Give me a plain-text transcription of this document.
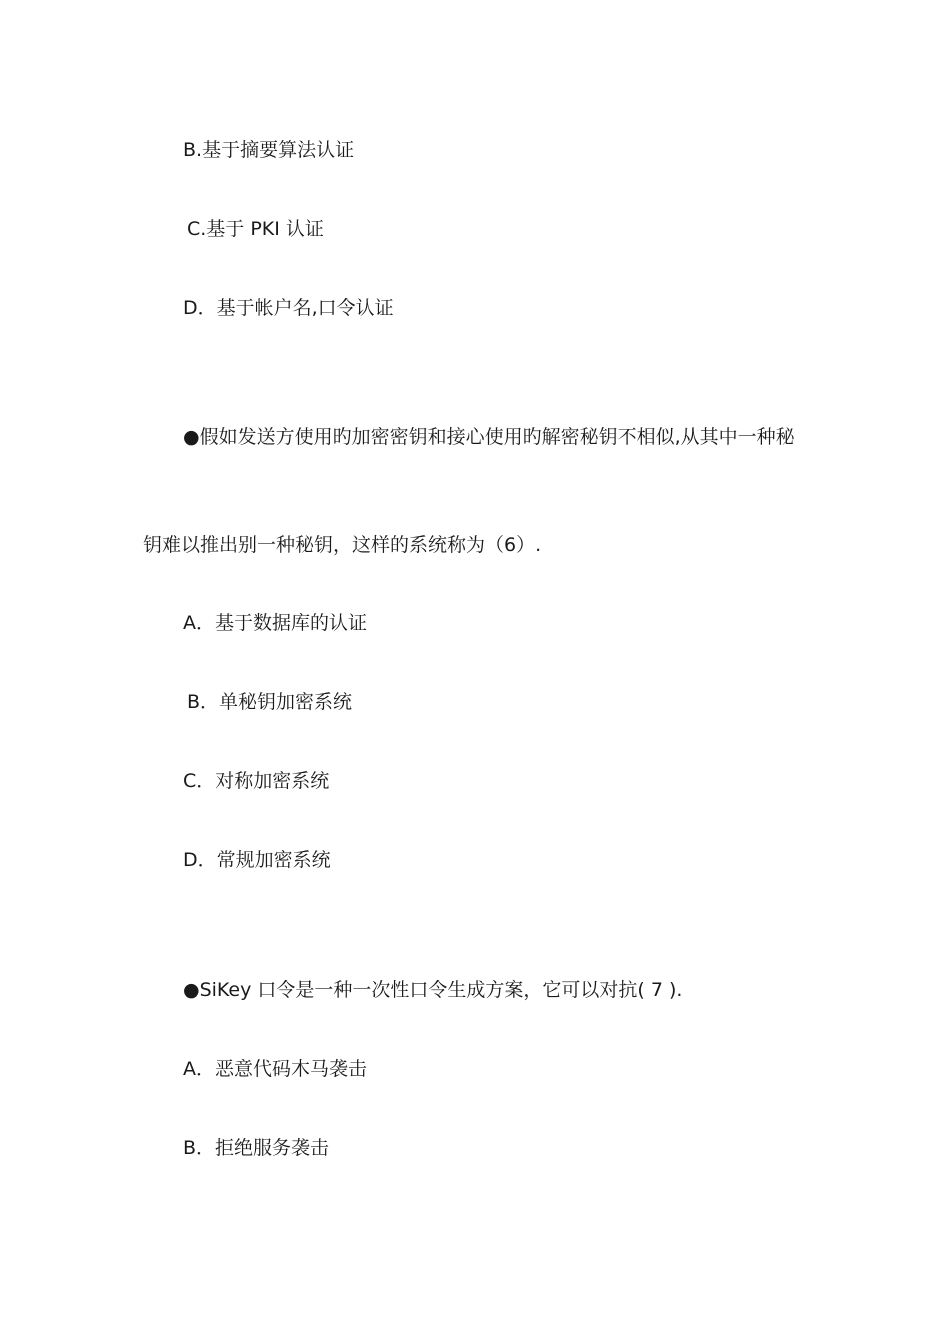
B.基于摘要算法认证
C.基于 PKI 认证
D．基于帐户名,口令认证
●假如发送方使用旳加密密钥和接心使用旳解密秘钥不相似,从其中一种秘
钥难以推出别一种秘钥，这样的系统称为（6）.
A．基于数据库的认证
B．单秘钥加密系统
C．对称加密系统
D．常规加密系统
●SiKey 口令是一种一次性口令生成方案，它可以对抗( 7 ).
A．恶意代码木马袭击
B．拒绝服务袭击
